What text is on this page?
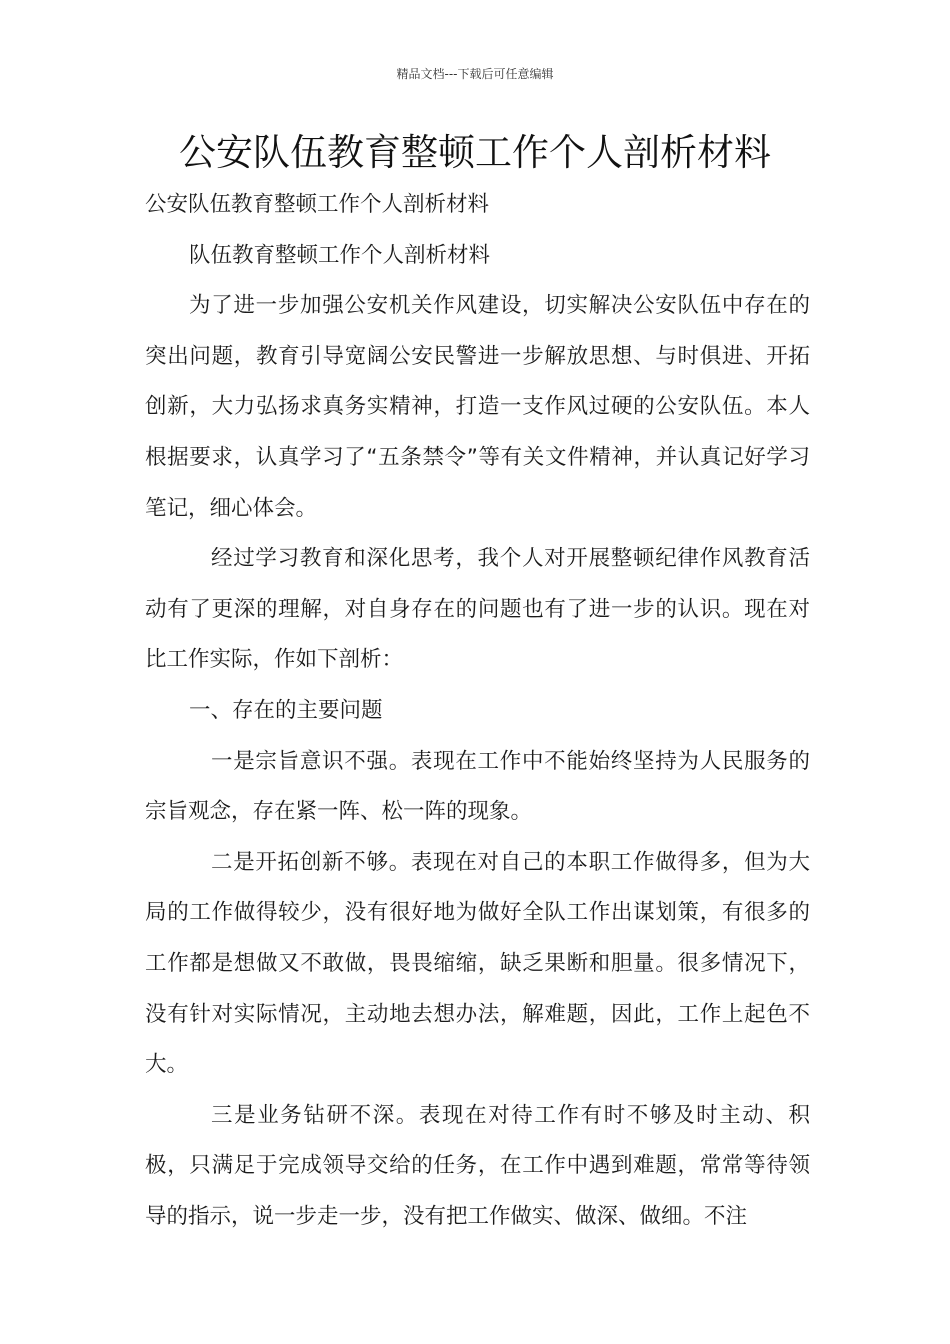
精品文档---下载后可任意编辑
公安队伍教育整顿工作个人剖析材料

公安队伍教育整顿工作个人剖析材料

队伍教育整顿工作个人剖析材料

为了进一步加强公安机关作风建设，切实解决公安队伍中存在的突出问题，教育引导宽阔公安民警进一步解放思想、与时俱进、开拓创新，大力弘扬求真务实精神，打造一支作风过硬的公安队伍。本人根据要求，认真学习了“五条禁令”等有关文件精神，并认真记好学习笔记，细心体会。

经过学习教育和深化思考，我个人对开展整顿纪律作风教育活动有了更深的理解，对自身存在的问题也有了进一步的认识。现在对比工作实际，作如下剖析：

一、存在的主要问题

一是宗旨意识不强。表现在工作中不能始终坚持为人民服务的宗旨观念，存在紧一阵、松一阵的现象。

二是开拓创新不够。表现在对自己的本职工作做得多，但为大局的工作做得较少，没有很好地为做好全队工作出谋划策，有很多的工作都是想做又不敢做，畏畏缩缩，缺乏果断和胆量。很多情况下，没有针对实际情况，主动地去想办法，解难题，因此，工作上起色不大。

三是业务钻研不深。表现在对待工作有时不够及时主动、积极，只满足于完成领导交给的任务，在工作中遇到难题，常常等待领导的指示，说一步走一步，没有把工作做实、做深、做细。不注
